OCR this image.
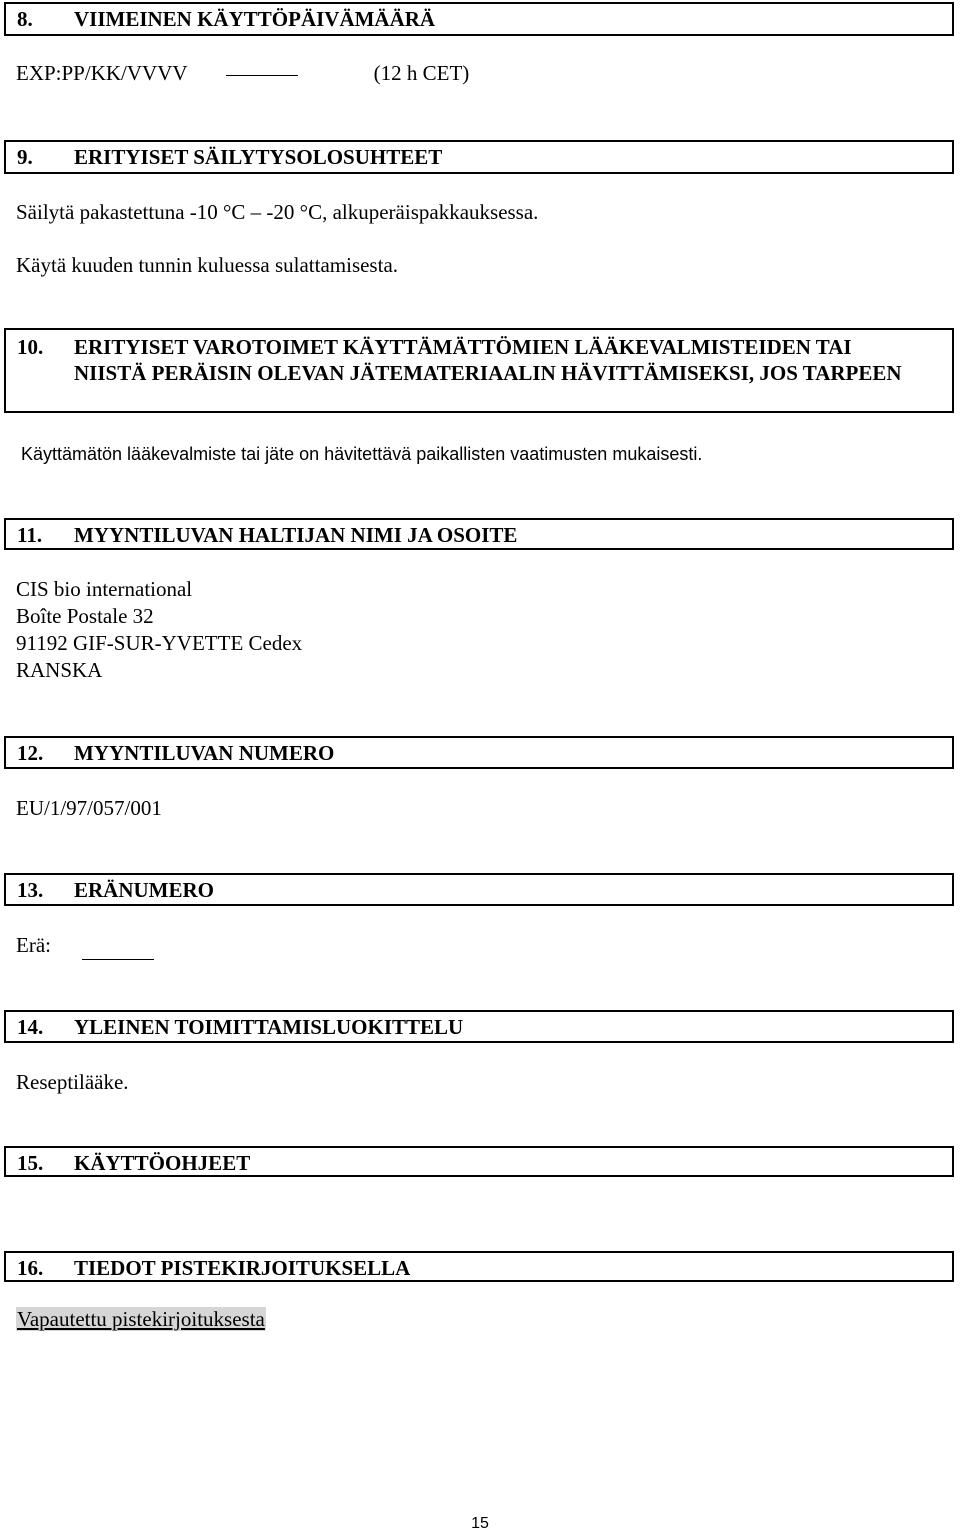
8. VIIMEINEN KÄYTTÖPÄIVÄMÄÄRÄ
EXP:PP/KK/VVVV	(12 h CET)
9. ERITYISET SÄILYTYSOLOSUHTEET
Säilytä pakastettuna -10 °C – -20 °C, alkuperäispakkauksessa.
Käytä kuuden tunnin kuluessa sulattamisesta.
10. ERITYISET VAROTOIMET KÄYTTÄMÄTTÖMIEN LÄÄKEVALMISTEIDEN TAI NIISTÄ PERÄISIN OLEVAN JÄTEMATERIAALIN HÄVITTÄMISEKSI, JOS TARPEEN
Käyttämätön lääkevalmiste tai jäte on hävitettävä paikallisten vaatimusten mukaisesti.
11. MYYNTILUVAN HALTIJAN NIMI JA OSOITE
CIS bio international
Boîte Postale 32
91192 GIF-SUR-YVETTE Cedex
RANSKA
12. MYYNTILUVAN NUMERO
EU/1/97/057/001
13. ERÄNUMERO
Erä:
14. YLEINEN TOIMITTAMISLUOKITTELU
Reseptilääke.
15. KÄYTTÖOHJEET
16. TIEDOT PISTEKIRJOITUKSELLA
Vapautettu pistekirjoituksesta
15
